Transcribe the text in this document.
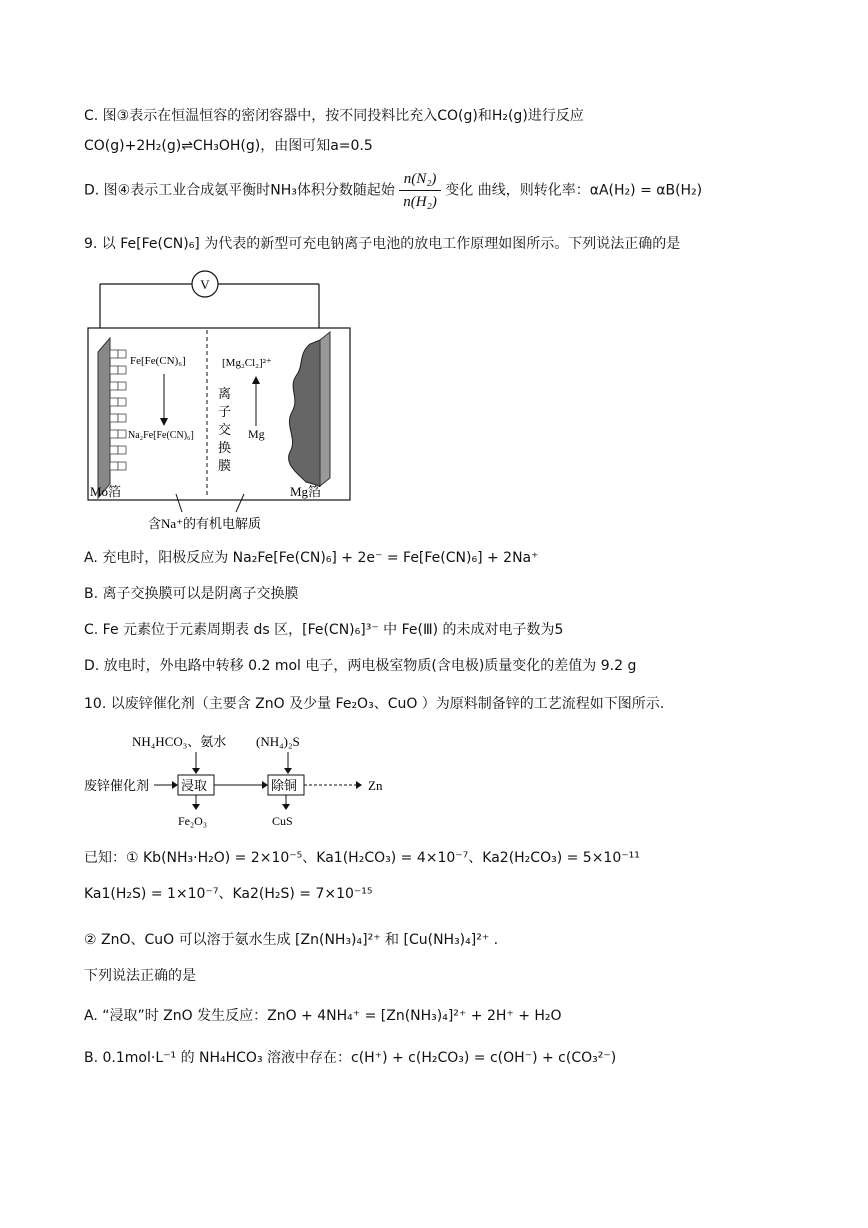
C. 图③表示在恒温恒容的密闭容器中，按不同投料比充入CO(g)和H₂(g)进行反应
CO(g)+2H₂(g)⇌CH₃OH(g)，由图可知a=0.5
D. 图④表示工业合成氨平衡时NH₃体积分数随起始 $\frac{\text{n(N₂)}}{\text{n(H₂)}}$ 变化 曲线，则转化率：αA(H₂) = αB(H₂)
9. 以 Fe[Fe(CN)₆] 为代表的新型可充电钠离子电池的放电工作原理如图所示。下列说法正确的是
V
Fe[Fe(CN)₆]
Na₂Fe[Fe(CN)₆]
离
子
交
换
膜
[Mg₂Cl₂]²⁺
Mg
Mo箔	Mg箔
含Na⁺的有机电解质
A. 充电时，阳极反应为 Na₂Fe[Fe(CN)₆] + 2e⁻ = Fe[Fe(CN)₆] + 2Na⁺
B. 离子交换膜可以是阴离子交换膜
C. Fe 元素位于元素周期表 ds 区，[Fe(CN)₆]³⁻ 中 Fe(Ⅲ) 的未成对电子数为5
D. 放电时，外电路中转移 0.2 mol 电子，两电极室物质(含电极)质量变化的差值为 9.2 g
10. 以废锌催化剂（主要含 ZnO 及少量 Fe₂O₃、CuO ）为原料制备锌的工艺流程如下图所示.
NH₄HCO₃、氨水 (NH₄)₂S
废锌催化剂 浸取	除铜	Zn
Fe₂O₃	CuS
已知：① Kb(NH₃·H₂O) = 2×10⁻⁵、Ka1(H₂CO₃) = 4×10⁻⁷、Ka2(H₂CO₃) = 5×10⁻¹¹
Ka1(H₂S) = 1×10⁻⁷、Ka2(H₂S) = 7×10⁻¹⁵
② ZnO、CuO 可以溶于氨水生成 [Zn(NH₃)₄]²⁺ 和 [Cu(NH₃)₄]²⁺ .
下列说法正确的是
A. “浸取”时 ZnO 发生反应：ZnO + 4NH₄⁺ = [Zn(NH₃)₄]²⁺ + 2H⁺ + H₂O
B. 0.1mol·L⁻¹ 的 NH₄HCO₃ 溶液中存在：c(H⁺) + c(H₂CO₃) = c(OH⁻) + c(CO₃²⁻)
